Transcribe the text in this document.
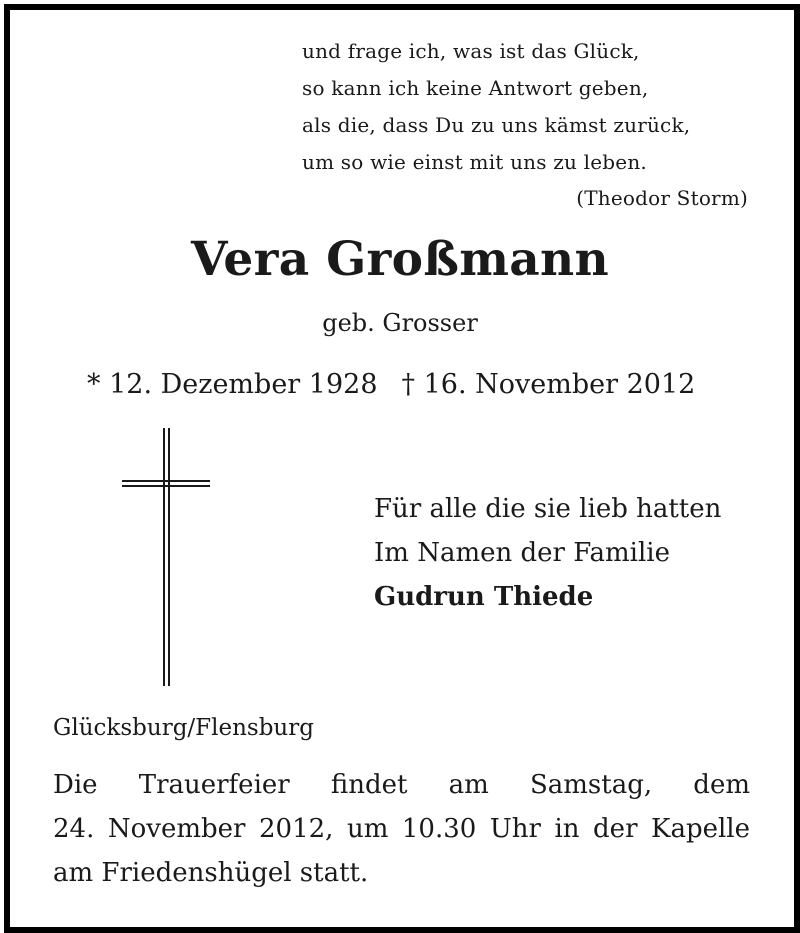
und frage ich, was ist das Glück,
so kann ich keine Antwort geben,
als die, dass Du zu uns kämst zurück,
um so wie einst mit uns zu leben.
(Theodor Storm)
Vera Großmann
geb. Grosser
* 12. Dezember 1928 † 16. November 2012
Für alle die sie lieb hatten
Im Namen der Familie
Gudrun Thiede
Glücksburg/Flensburg
Die Trauerfeier findet am Samstag, dem
24. November 2012, um 10.30 Uhr in der Kapelle
am Friedenshügel statt.
